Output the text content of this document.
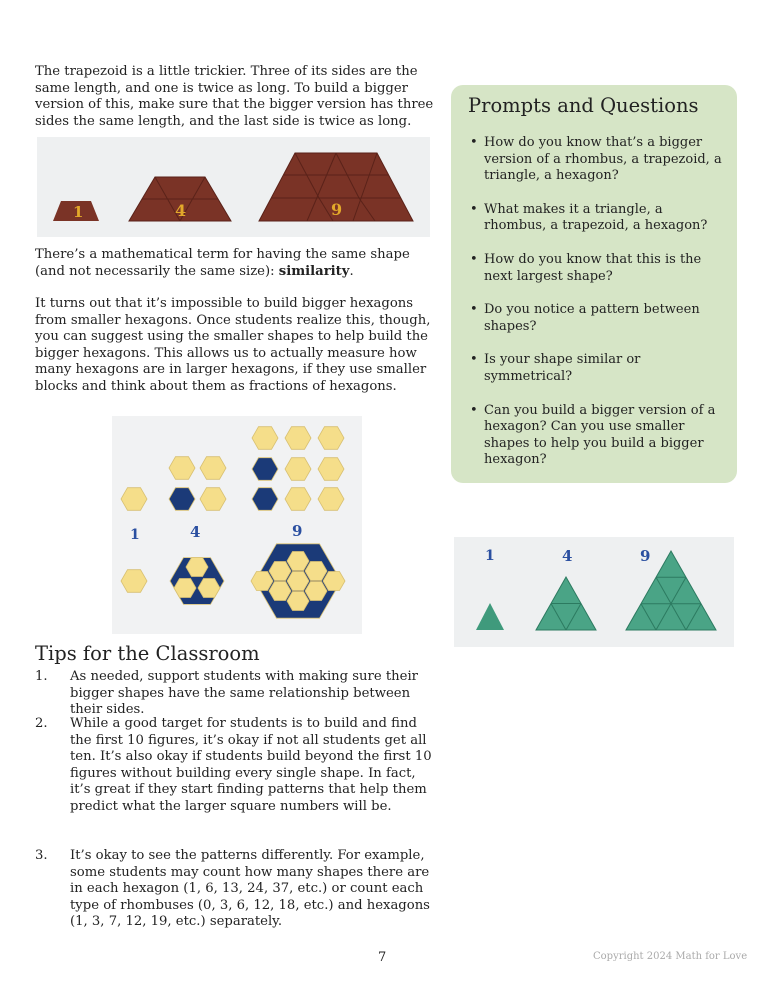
The trapezoid is a little trickier. Three of its sides are the same length, and one is twice as long. To build a bigger version of this, make sure that the bigger version has three sides the same length, and the last side is twice as long.
1	4	9
There’s a mathematical term for having the same shape (and not necessarily the same size): similarity.
It turns out that it’s impossible to build bigger hexagons from smaller hexagons. Once students realize this, though, you can suggest using the smaller shapes to help build the bigger hexagons. This allows us to actually measure how many hexagons are in larger hexagons, if they use smaller blocks and think about them as fractions of hexagons.
1	4	9
Prompts and Questions
• How do you know that’s a bigger version of a rhombus, a trapezoid, a triangle, a hexagon?
• What makes it a triangle, a rhombus, a trapezoid, a hexagon?
• How do you know that this is the next largest shape?
• Do you notice a pattern between shapes?
• Is your shape similar or symmetrical?
• Can you build a bigger version of a hexagon? Can you use smaller shapes to help you build a bigger hexagon?
1	4	9
Tips for the Classroom
1. As needed, support students with making sure their bigger shapes have the same relationship between their sides.
2. While a good target for students is to build and find the first 10 figures, it’s okay if not all students get all ten. It’s also okay if students build beyond the first 10 figures without building every single shape. In fact, it’s great if they start finding patterns that help them predict what the larger square numbers will be.
3. It’s okay to see the patterns differently. For example, some students may count how many shapes there are in each hexagon (1, 6, 13, 24, 37, etc.) or count each type of rhombuses (0, 3, 6, 12, 18, etc.) and hexagons (1, 3, 7, 12, 19, etc.) separately.
7	Copyright 2024 Math for Love
